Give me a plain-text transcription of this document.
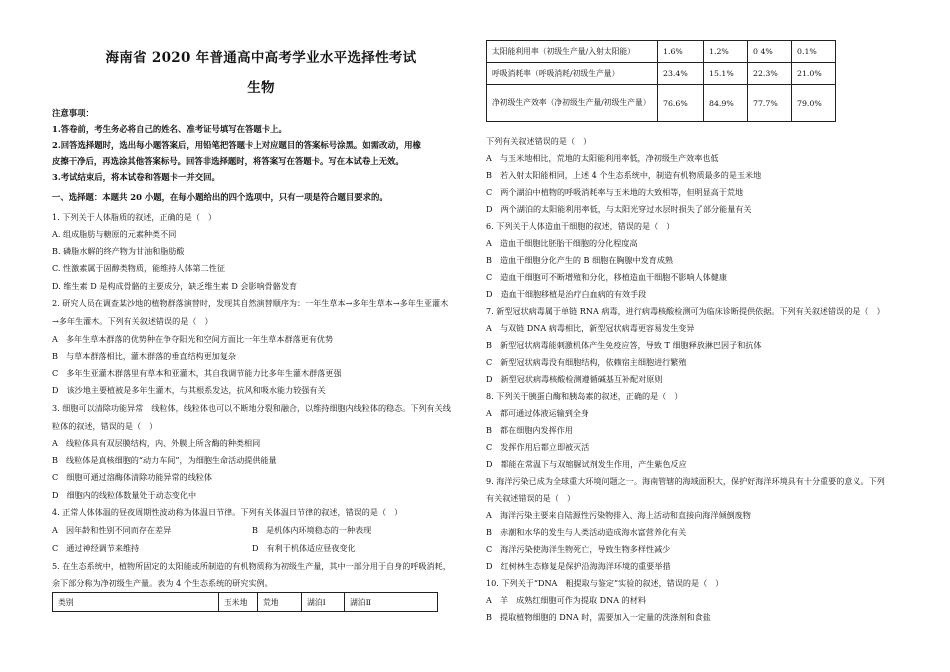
海南省 2020 年普通高中高考学业水平选择性考试
生物
注意事项：
1.答卷前，考生务必将自己的姓名、准考证号填写在答题卡上。
2.回答选择题时，选出每小题答案后，用铅笔把答题卡上对应题目的答案标号涂黑。如需改动，用橡
皮擦干净后，再选涂其他答案标号。回答非选择题时，将答案写在答题卡。写在本试卷上无效。
3.考试结束后，将本试卷和答题卡一并交回。
一、选择题：本题共 20 小题，在每小题给出的四个选项中，只有一项是符合题目要求的。
1. 下列关于人体脂质的叙述，正确的是（　）
A. 组成脂肪与糖原的元素种类不同
B. 磷脂水解的终产物为甘油和脂肪酸
C. 性激素属于固醇类物质，能维持人体第二性征
D. 维生素 D 是构成骨骼的主要成分，缺乏维生素 D 会影响骨骼发育
2. 研究人员在调查某沙地的植物群落演替时，发现其自然演替顺序为：一年生草本→多年生草本→多年生亚灌木
→多年生灌木。下列有关叙述错误的是（　）
A　多年生草本群落的优势种在争夺阳光和空间方面比一年生草本群落更有优势
B　与草本群落相比，灌木群落的垂直结构更加复杂
C　多年生亚灌木群落里有草本和亚灌木，其自我调节能力比多年生灌木群落更强
D　该沙地主要植被是多年生灌木，与其根系发达，抗风和吸水能力较强有关
3. 细胞可以清除功能异常　线粒体，线粒体也可以不断地分裂和融合，以维持细胞内线粒体的稳态。下列有关线
粒体的叙述，错误的是（　）
A　线粒体具有双层膜结构，内、外膜上所含酶的种类相同
B　线粒体是真核细胞的“动力车间”，为细胞生命活动提供能量
C　细胞可通过溶酶体清除功能异常的线粒体
D　细胞内的线粒体数量处于动态变化中
4. 正常人体体温的昼夜周期性波动称为体温日节律。下列有关体温日节律的叙述，错误的是（　）
A　因年龄和性别不同而存在差异	B　是机体内环境稳态的一种表现
C　通过神经调节来维持	D　有利于机体适应昼夜变化
5. 在生态系统中，植物所固定的太阳能或所制造的有机物质称为初级生产量，其中一部分用于自身的呼吸消耗，
余下部分称为净初级生产量。表为 4 个生态系统的研究实例。
类别	玉米地	荒地	湖泊Ⅰ	湖泊Ⅱ
太阳能利用率（初级生产量/入射太阳能）	1.6%	1.2%	0 4%	0.1%
呼吸消耗率（呼吸消耗/初级生产量）	23.4%	15.1%	22.3%	21.0%
净初级生产效率（净初级生产量/初级生产量）	76.6%	84.9%	77.7%	79.0%
下列有关叙述错误的是（　）
A　与玉米地相比，荒地的太阳能利用率低，净初级生产效率也低
B　若入射太阳能相同，上述 4 个生态系统中，制造有机物质最多的是玉米地
C　两个湖泊中植物的呼吸消耗率与玉米地的大致相等，但明显高于荒地
D　两个湖泊的太阳能利用率低，与太阳光穿过水层时损失了部分能量有关
6. 下列关于人体造血干细胞的叙述，错误的是（　）
A　造血干细胞比胚胎干细胞的分化程度高
B　造血干细胞分化产生的 B 细胞在胸腺中发育成熟
C　造血干细胞可不断增殖和分化，移植造血干细胞不影响人体健康
D　造血干细胞移植是治疗白血病的有效手段
7. 新型冠状病毒属于单链 RNA 病毒，进行病毒核酸检测可为临床诊断提供依据。下列有关叙述错误的是（　）
A　与双链 DNA 病毒相比，新型冠状病毒更容易发生变异
B　新型冠状病毒能刺激机体产生免疫应答，导致 T 细胞释放淋巴因子和抗体
C　新型冠状病毒没有细胞结构，依赖宿主细胞进行繁殖
D　新型冠状病毒核酸检测遵循碱基互补配对原则
8. 下列关于胰蛋白酶和胰岛素的叙述，正确的是（　）
A　都可通过体液运输到全身
B　都在细胞内发挥作用
C　发挥作用后都立即被灭活
D　都能在常温下与双缩脲试剂发生作用，产生紫色反应
9. 海洋污染已成为全球重大环境问题之一。海南管辖的海域面积大，保护好海洋环境具有十分重要的意义。下列
有关叙述错误的是（　）
A　海洋污染主要来自陆源性污染物排入、海上活动和直接向海洋倾倒废物
B　赤潮和水华的发生与人类活动造成海水富营养化有关
C　海洋污染使海洋生物死亡，导致生物多样性减少
D　红树林生态修复是保护沿海海洋环境的重要举措
10. 下列关于“DNA　粗提取与鉴定”实验的叙述，错误的是（　）
A　羊　成熟红细胞可作为提取 DNA 的材料
B　提取植物细胞的 DNA 时，需要加入一定量的洗涤剂和食盐
